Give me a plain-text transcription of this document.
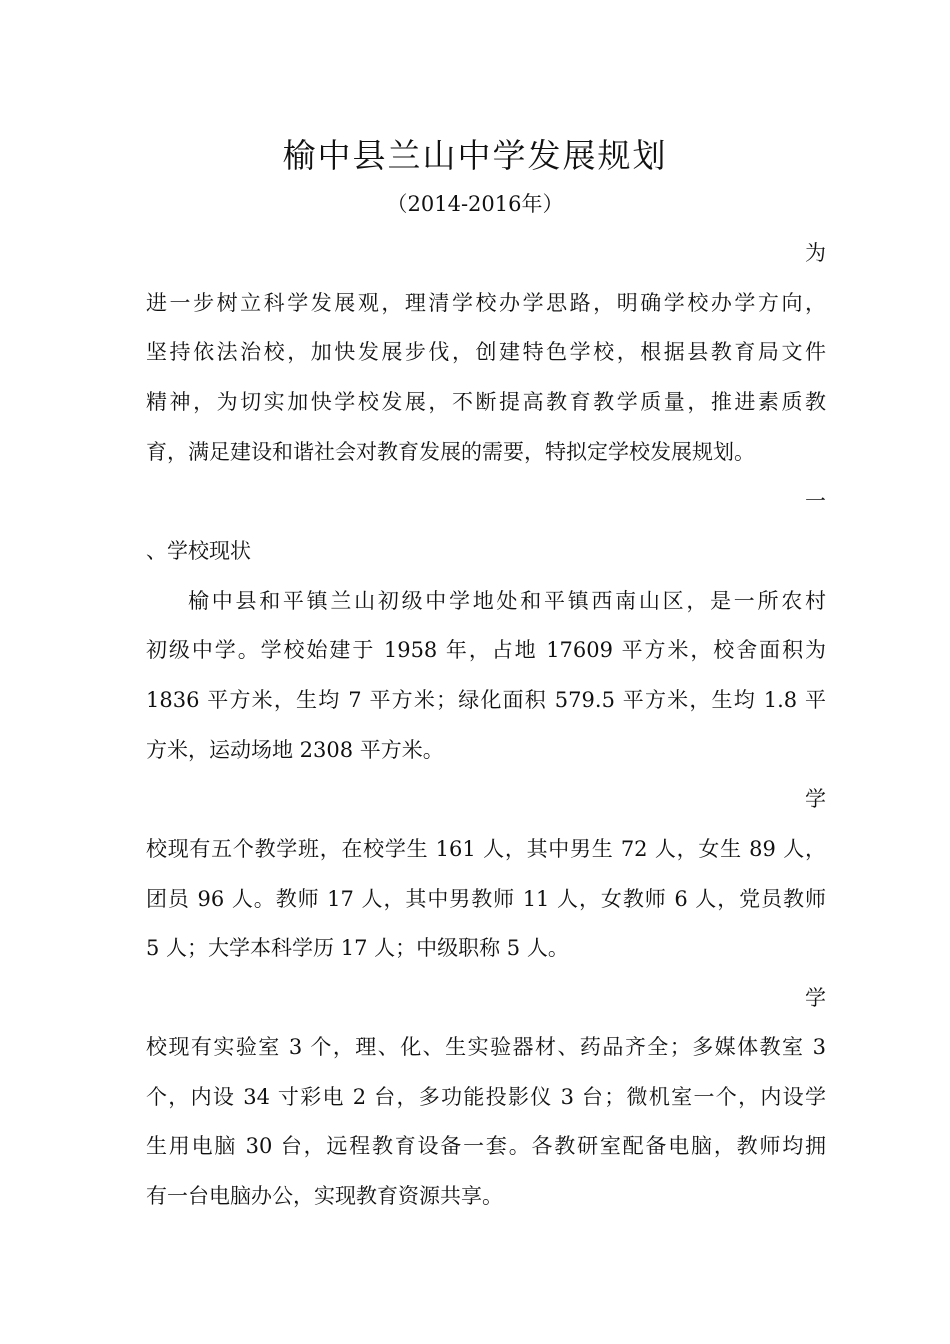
榆中县兰山中学发展规划
（2014-2016年）
为
进一步树立科学发展观，理清学校办学思路，明确学校办学方向，
坚持依法治校，加快发展步伐，创建特色学校，根据县教育局文件
精神，为切实加快学校发展，不断提高教育教学质量，推进素质教
育，满足建设和谐社会对教育发展的需要，特拟定学校发展规划。
一
、学校现状
榆中县和平镇兰山初级中学地处和平镇西南山区，是一所农村
初级中学。学校始建于 1958 年，占地 17609 平方米，校舍面积为
1836 平方米，生均 7 平方米；绿化面积 579.5 平方米，生均 1.8 平
方米，运动场地 2308 平方米。
学
校现有五个教学班，在校学生 161 人，其中男生 72 人，女生 89 人，
团员 96 人。教师 17 人，其中男教师 11 人，女教师 6 人，党员教师
5 人；大学本科学历 17 人；中级职称 5 人。
学
校现有实验室 3 个，理、化、生实验器材、药品齐全；多媒体教室 3
个，内设 34 寸彩电 2 台，多功能投影仪 3 台；微机室一个，内设学
生用电脑 30 台，远程教育设备一套。各教研室配备电脑，教师均拥
有一台电脑办公，实现教育资源共享。
